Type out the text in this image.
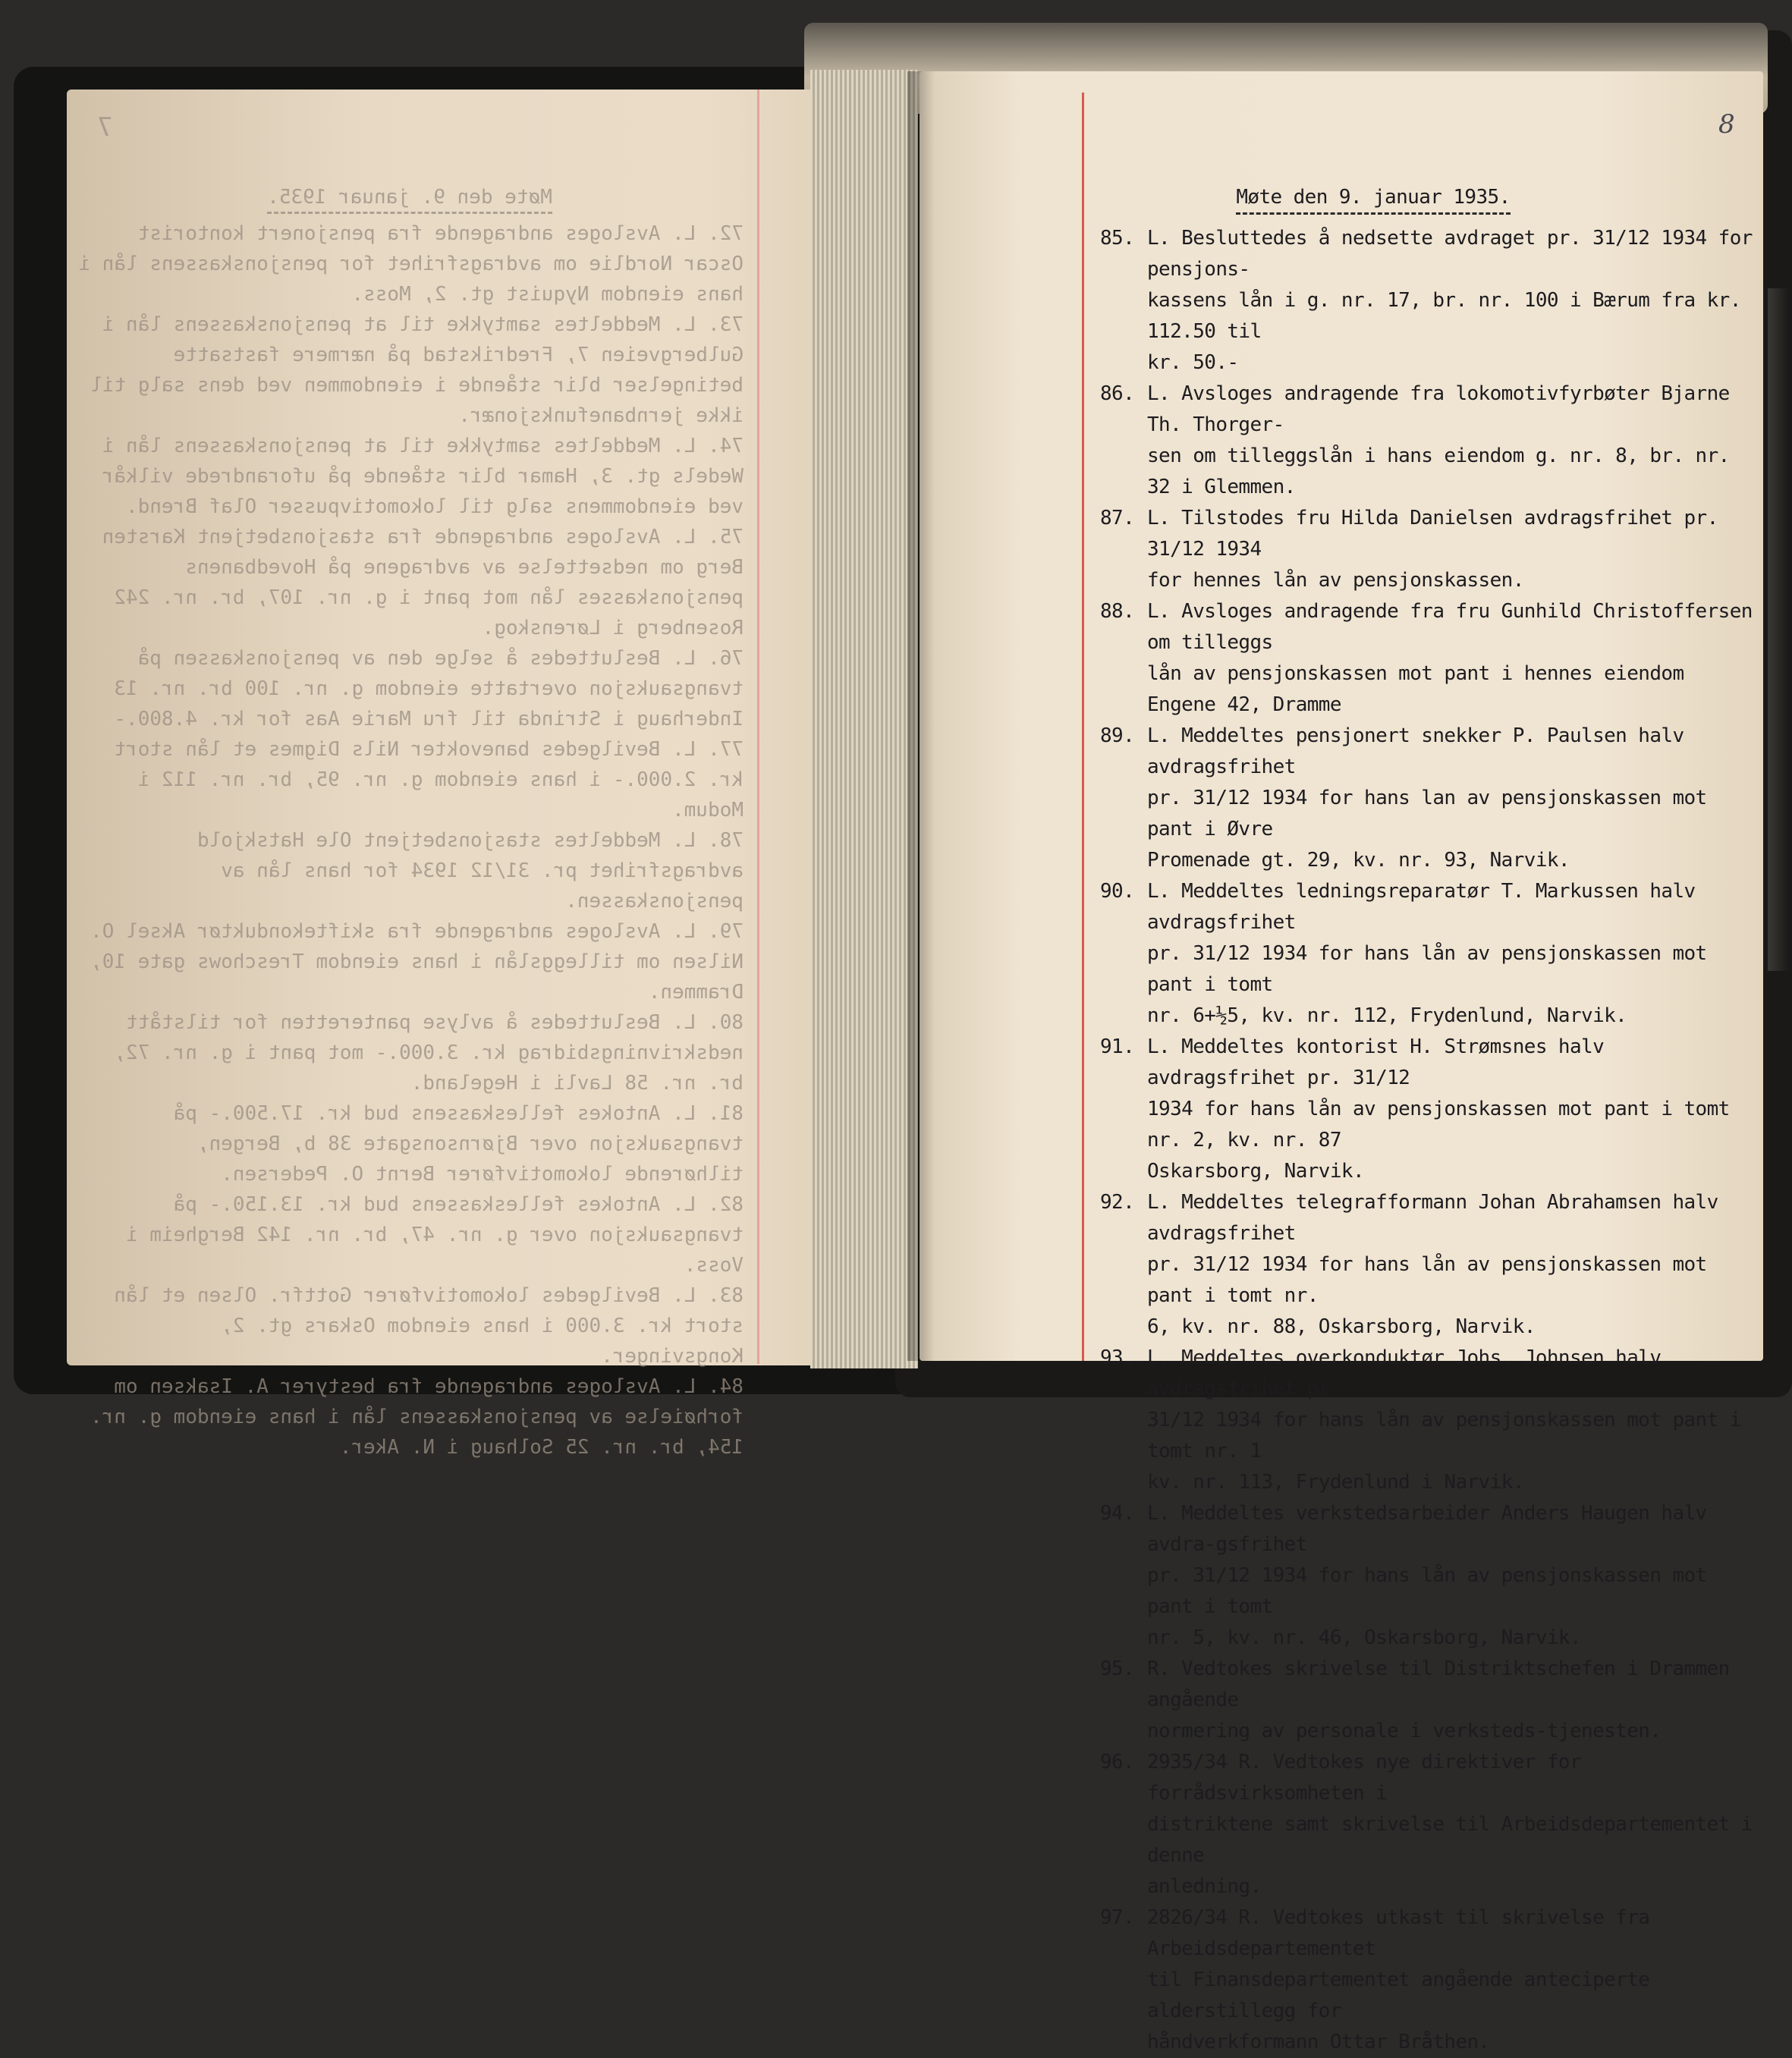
7
Møte den 9. januar 1935.

72. L. Avsloges andragende fra pensjonert kontorist Oscar Nordlie om avdragsfrihet for pensjonskassens lån i hans eiendom Nyquist gt. 2, Moss.

73. L. Meddeltes samtykke til at pensjonskassens lån i Gulbergveien 7, Fredrikstad på nærmere fastsatte betingelser blir stående i eiendommen ved dens salg til ikke jernbanefunksjonær.

74. L. Meddeltes samtykke til at pensjonskassens lån i Wedels gt. 3, Hamar blir stående på uforandrede vilkår ved eiendommens salg til lokomotivpusser Olaf Brend.

75. L. Avsloges andragende fra stasjonsbetjent Karsten Berg om nedsettelse av avdragene på Hovedbanens pensjonskasses lån mot pant i g. nr. 107, br. nr. 242 Rosenberg i Lørenskog.

76. L. Besluttedes å selge den av pensjonskassen på tvangsauksjon overtatte eiendom g. nr. 100 br. nr. 13 Inderhaug i Strinda til fru Marie Aas for kr. 4.800.-

77. L. Bevilgedes banevokter Nils Digmes et lån stort kr. 2.000.- i hans eiendom g. nr. 95, br. nr. 112 i Modum.

78. L. Meddeltes stasjonsbetjent Ole Hatskjold avdragsfrihet pr. 31/12 1934 for hans lån av pensjonskassen.

79. L. Avsloges andragende fra skiftekonduktør Aksel O. Nilsen om tilleggslån i hans eiendom Treschows gate 10, Drammen.

80. L. Besluttedes å avlyse panteretten for tilstått nedskrivningsbidrag kr. 3.000.- mot pant i g. nr. 72, br. nr. 58 Lavli i Hegeland.

81. L. Antokes felleskassens bud kr. 17.500.- på tvangsauksjon over Bjørnsonsgate 38 b, Bergen, tilhørende lokomotivfører Bernt O. Pedersen.

82. L. Antokes felleskassens bud kr. 13.150.- på tvangsauksjon over g. nr. 47, br. nr. 142 Bergheim i Voss.

83. L. Bevilgedes lokomotivfører Gottfr. Olsen et lån stort kr. 3.000 i hans eiendom Oskars gt. 2, Kongsvinger.

84. L. Avsloges andragende fra bestyrer A. Isaksen om forhøielse av pensjonskassens lån i hans eiendom g. nr. 154, br. nr. 25 Solhaug i N. Aker.

8
Møte den 9. januar 1935.
85. L. Besluttedes å nedsette avdraget pr. 31/12 1934 for pensjons-
kassens lån i g. nr. 17, br. nr. 100 i Bærum fra kr. 112.50 til
kr. 50.-
86. L. Avsloges andragende fra lokomotivfyrbøter Bjarne Th. Thorger-
sen om tilleggslån i hans eiendom g. nr. 8, br. nr. 32 i Glemmen.
87. L. Tilstodes fru Hilda Danielsen avdragsfrihet pr. 31/12 1934
for hennes lån av pensjonskassen.
88. L. Avsloges andragende fra fru Gunhild Christoffersen om tilleggs
lån av pensjonskassen mot pant i hennes eiendom Engene 42, Dramme
89. L. Meddeltes pensjonert snekker P. Paulsen halv avdragsfrihet
pr. 31/12 1934 for hans lan av pensjonskassen mot pant i Øvre
Promenade gt. 29, kv. nr. 93, Narvik.
90. L. Meddeltes ledningsreparatør T. Markussen halv avdragsfrihet
pr. 31/12 1934 for hans lån av pensjonskassen mot pant i tomt
nr. 6+½5, kv. nr. 112, Frydenlund, Narvik.
91. L. Meddeltes kontorist H. Strømsnes halv avdragsfrihet pr. 31/12
1934 for hans lån av pensjonskassen mot pant i tomt nr. 2, kv. nr. 87
Oskarsborg, Narvik.
92. L. Meddeltes telegrafformann Johan Abrahamsen halv avdragsfrihet
pr. 31/12 1934 for hans lån av pensjonskassen mot pant i tomt nr.
6, kv. nr. 88, Oskarsborg, Narvik.
93. L. Meddeltes overkonduktør Johs. Johnsen halv avdragsfrihet pr.
31/12 1934 for hans lån av pensjonskassen mot pant i tomt nr. 1
kv. nr. 113, Frydenlund i Narvik.
94. L. Meddeltes verkstedsarbeider Anders Haugen halv avdra-gsfrihet
pr. 31/12 1934 for hans lån av pensjonskassen mot pant i tomt
nr. 5, kv. nr. 46, Oskarsborg, Narvik.
95. R. Vedtokes skrivelse til Distriktschefen i Drammen angående
normering av personale i verksteds-tjenesten.
96. 2935/34 R. Vedtokes nye direktiver for forrådsvirksomheten i
distriktene samt skrivelse til Arbeidsdepartementet i denne
anledning.
97. 2826/34 R. Vedtokes utkast til skrivelse fra Arbeidsdepartementet
til Finansdepartementet angående anteciperte alderstillegg for
håndverkformann Ottar Bråthen.
